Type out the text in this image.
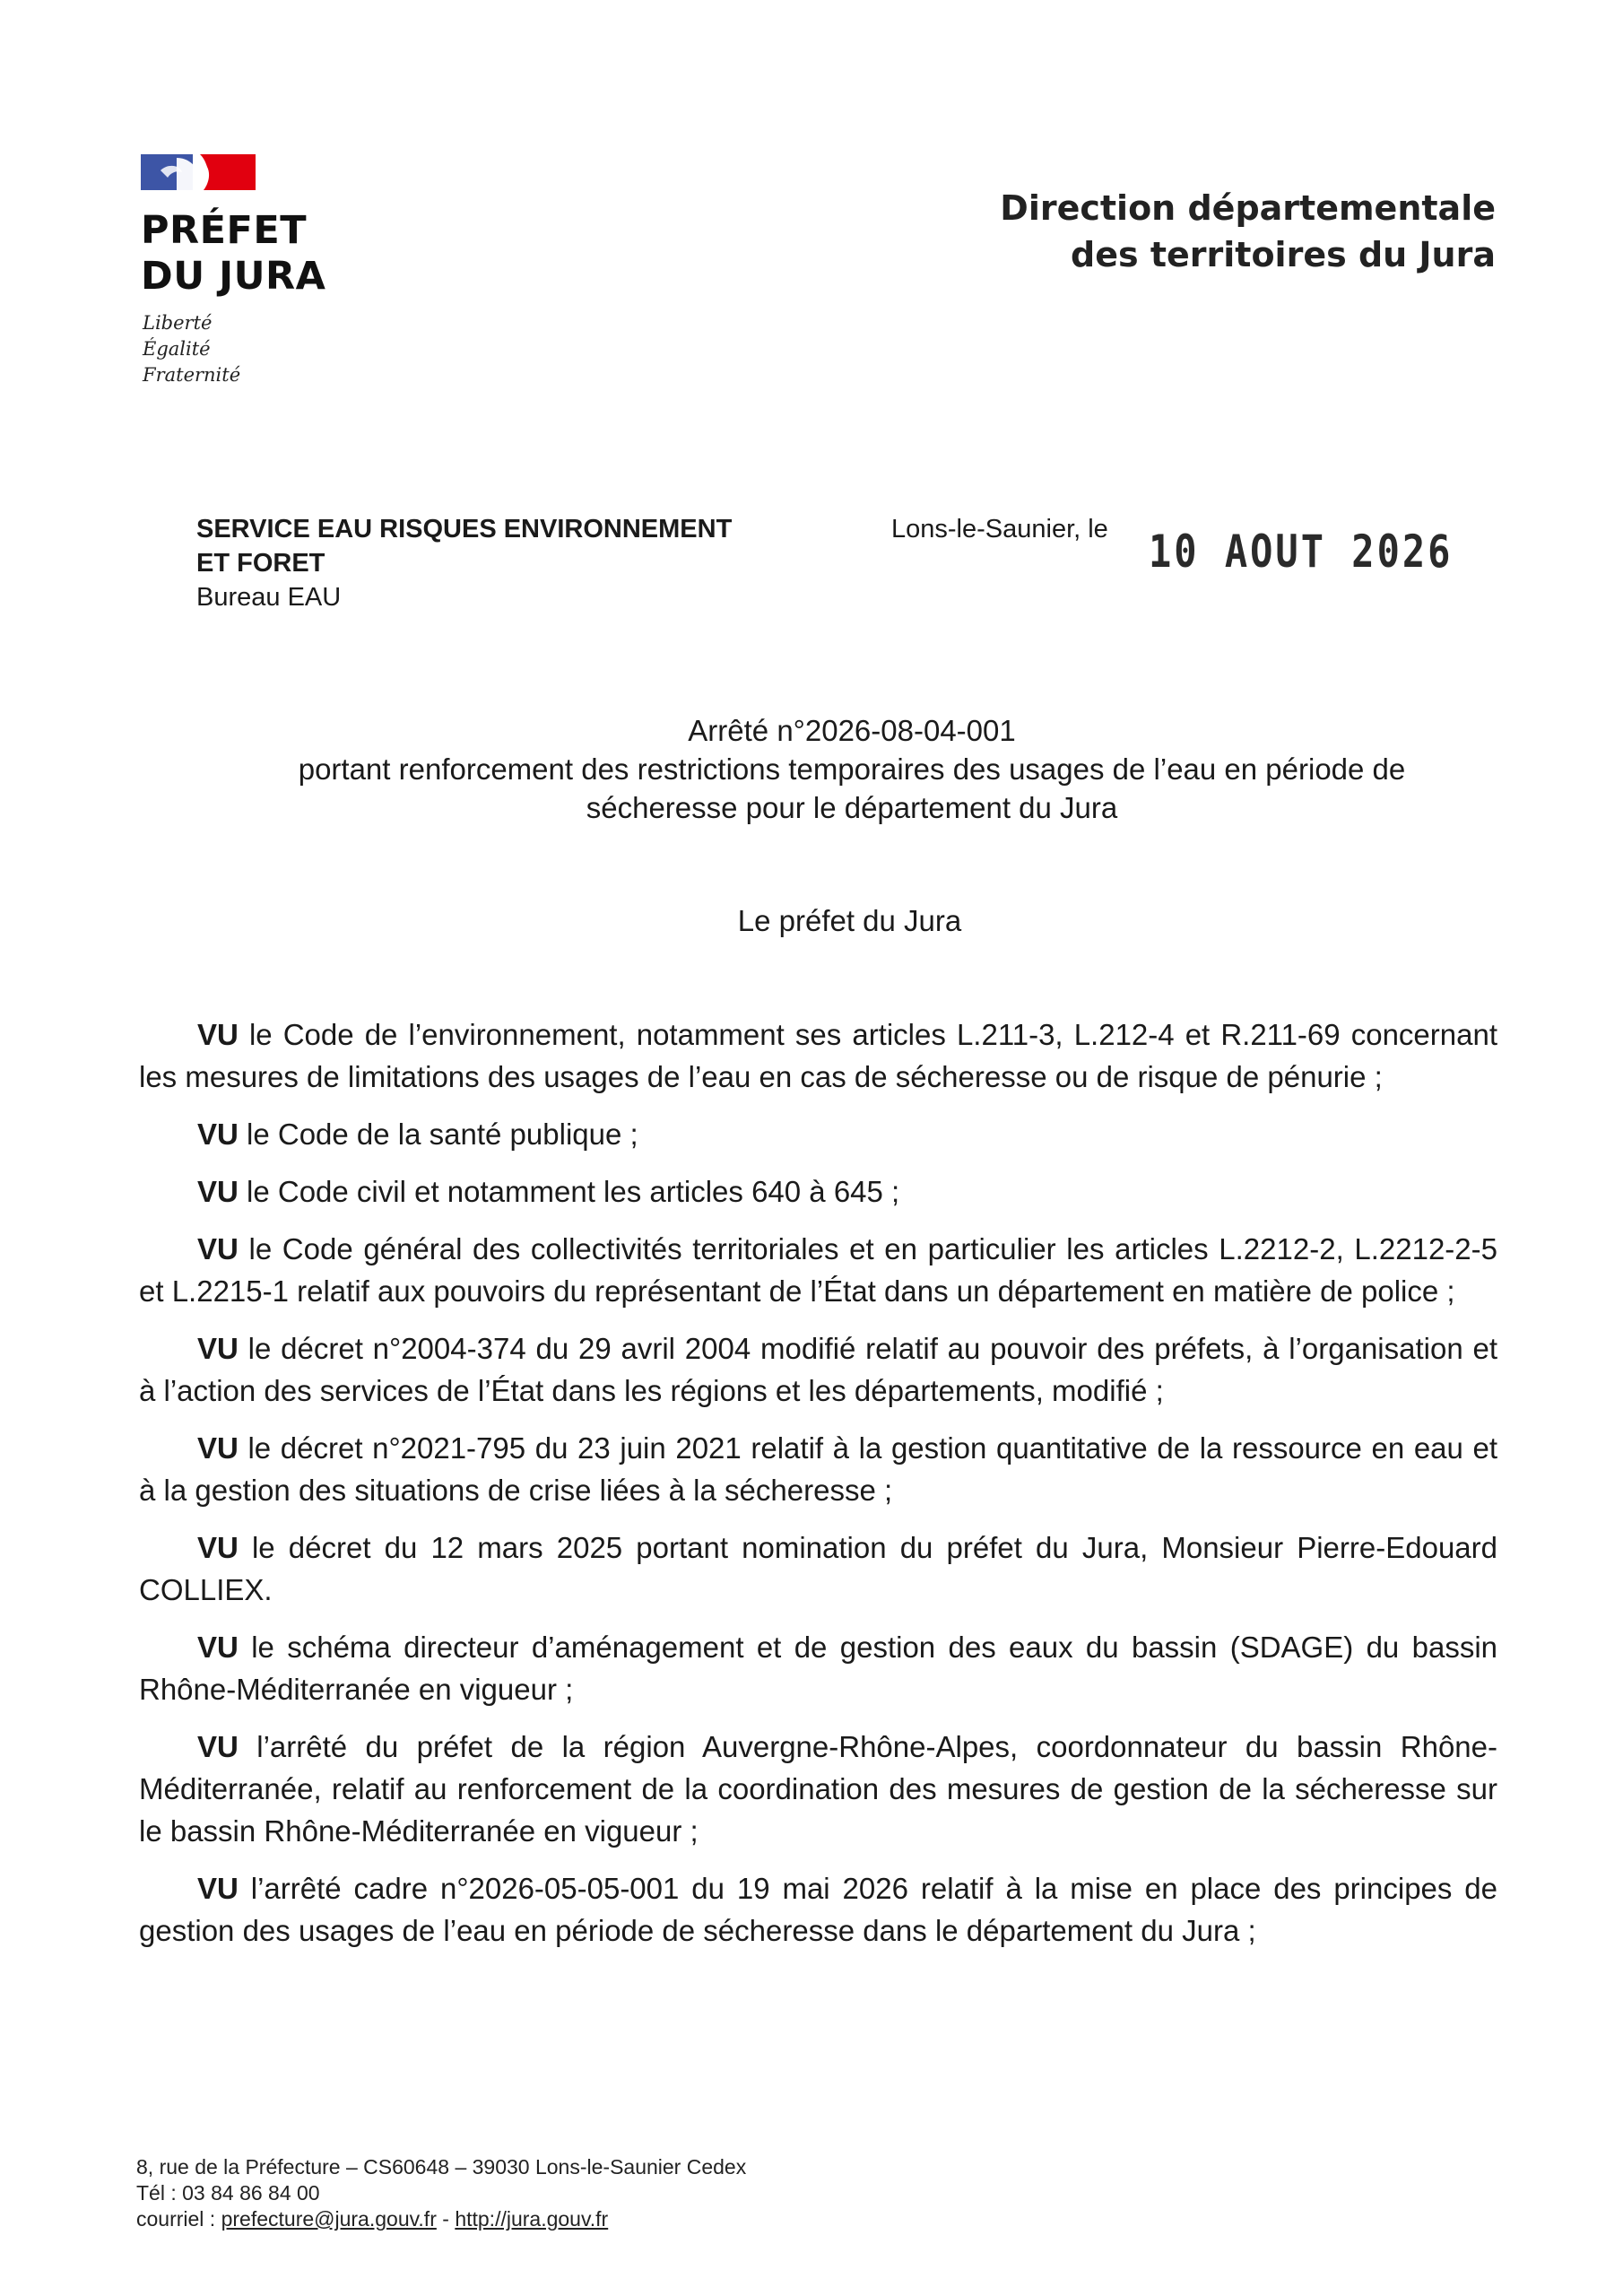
PRÉFET
DU JURA
Liberté
Égalité
Fraternité
Direction départementale
des territoires du Jura
SERVICE EAU RISQUES ENVIRONNEMENT
ET FORET
Bureau EAU
Lons-le-Saunier, le 10 AOUT 2026
Arrêté n°2026-08-04-001
portant renforcement des restrictions temporaires des usages de l’eau en période de
sécheresse pour le département du Jura
Le préfet du Jura

VU le Code de l’environnement, notamment ses articles L.211-3, L.212-4 et R.211-69 concernant les mesures de limitations des usages de l’eau en cas de sécheresse ou de risque de pénurie ;

VU le Code de la santé publique ;

VU le Code civil et notamment les articles 640 à 645 ;

VU le Code général des collectivités territoriales et en particulier les articles L.2212-2, L.2212-2-5 et L.2215-1 relatif aux pouvoirs du représentant de l’État dans un département en matière de police ;

VU le décret n°2004-374 du 29 avril 2004 modifié relatif au pouvoir des préfets, à l’organisation et à l’action des services de l’État dans les régions et les départements, modifié ;

VU le décret n°2021-795 du 23 juin 2021 relatif à la gestion quantitative de la ressource en eau et à la gestion des situations de crise liées à la sécheresse ;

VU le décret du 12 mars 2025 portant nomination du préfet du Jura, Monsieur Pierre-Edouard COLLIEX.

VU le schéma directeur d’aménagement et de gestion des eaux du bassin (SDAGE) du bassin Rhône-Méditerranée en vigueur ;

VU l’arrêté du préfet de la région Auvergne-Rhône-Alpes, coordonnateur du bassin Rhône-Méditerranée, relatif au renforcement de la coordination des mesures de gestion de la sécheresse sur le bassin Rhône-Méditerranée en vigueur ;

VU l’arrêté cadre n°2026-05-05-001 du 19 mai 2026 relatif à la mise en place des principes de gestion des usages de l’eau en période de sécheresse dans le département du Jura ;

8, rue de la Préfecture – CS60648 – 39030 Lons-le-Saunier Cedex
Tél : 03 84 86 84 00
courriel : prefecture@jura.gouv.fr - http://jura.gouv.fr
